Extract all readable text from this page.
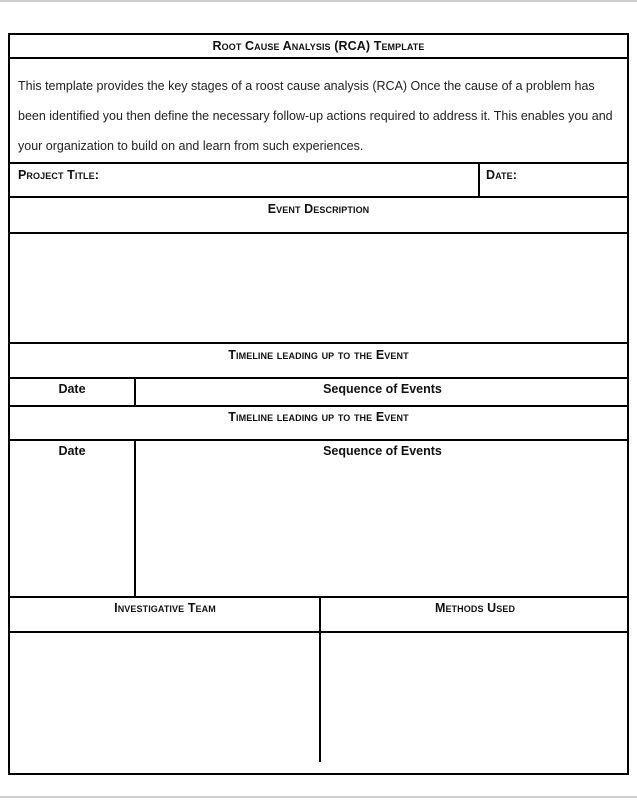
Root Cause Analysis (RCA) Template
This template provides the key stages of a roost cause analysis (RCA) Once the cause of a problem has been identified you then define the necessary follow-up actions required to address it. This enables you and your organization to build on and learn from such experiences.
Project Title:	Date:
Event Description
Timeline leading up to the Event
Date	Sequence of Events
Timeline leading up to the Event
Date	Sequence of Events
Investigative Team	Methods Used
